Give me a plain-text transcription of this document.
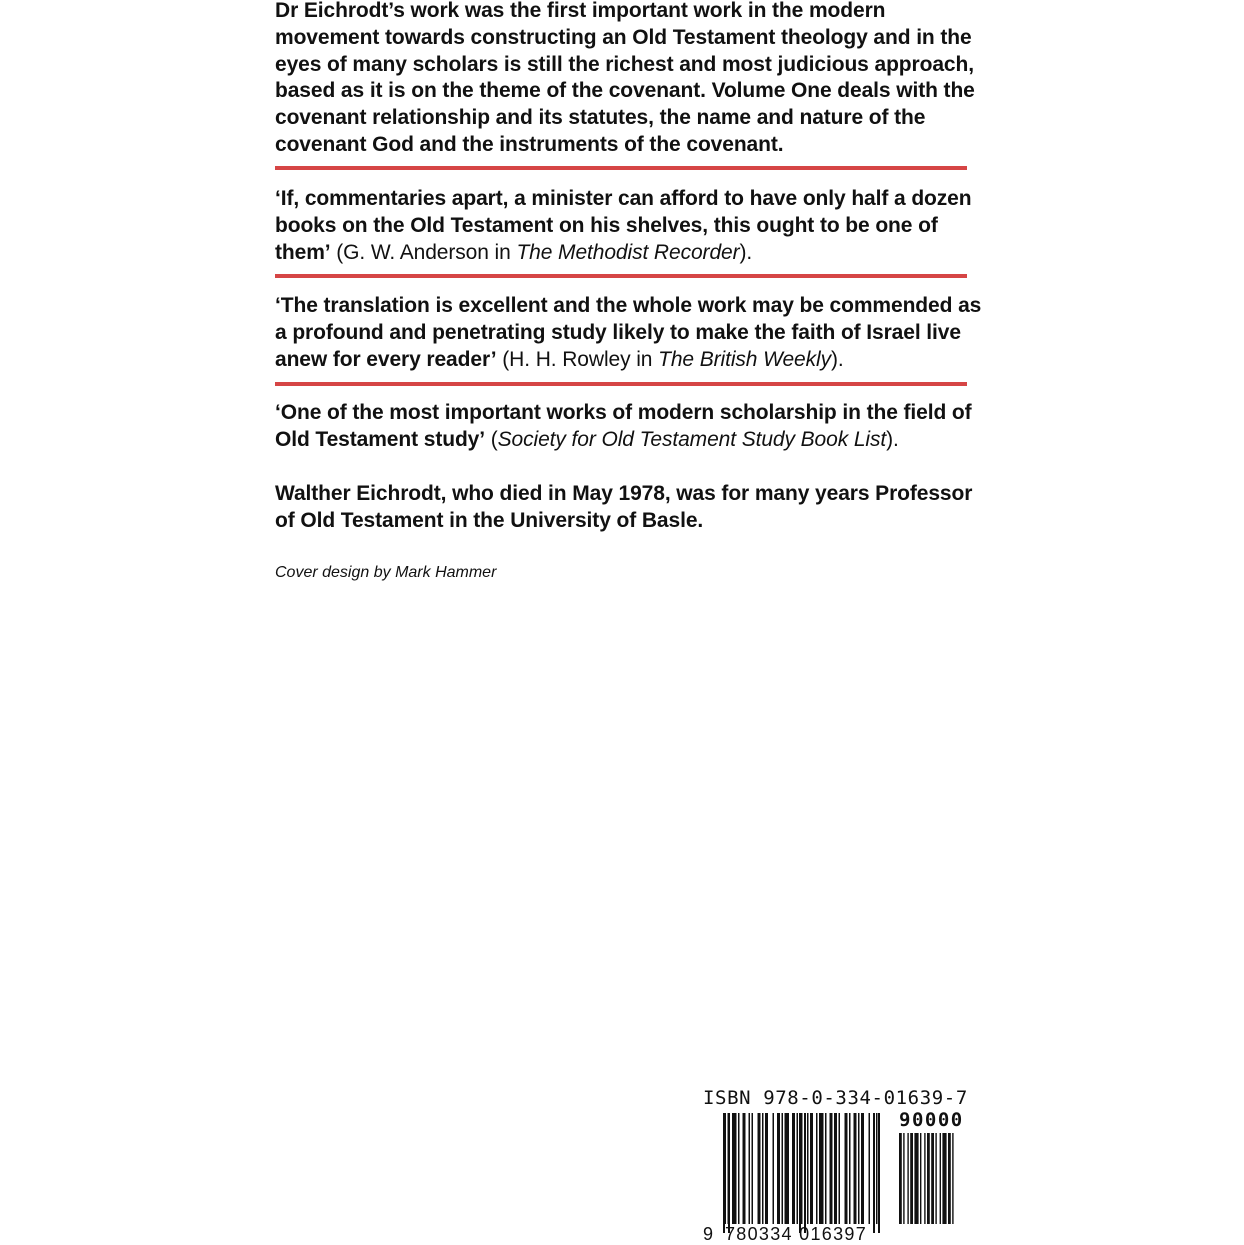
Dr Eichrodt’s work was the first important work in the modern movement towards constructing an Old Testament theology and in the eyes of many scholars is still the richest and most judicious approach, based as it is on the theme of the covenant. Volume One deals with the covenant relationship and its statutes, the name and nature of the covenant God and the instruments of the covenant.

‘If, commentaries apart, a minister can afford to have only half a dozen books on the Old Testament on his shelves, this ought to be one of them’ (G. W. Anderson in The Methodist Recorder).

‘The translation is excellent and the whole work may be commended as a profound and penetrating study likely to make the faith of Israel live anew for every reader’ (H. H. Rowley in The British Weekly).

‘One of the most important works of modern scholarship in the field of Old Testament study’ (Society for Old Testament Study Book List).

Walther Eichrodt, who died in May 1978, was for many years Professor of Old Testament in the University of Basle.

Cover design by Mark Hammer

ISBN 978-0-334-01639-7
90000
9 780334 016397
